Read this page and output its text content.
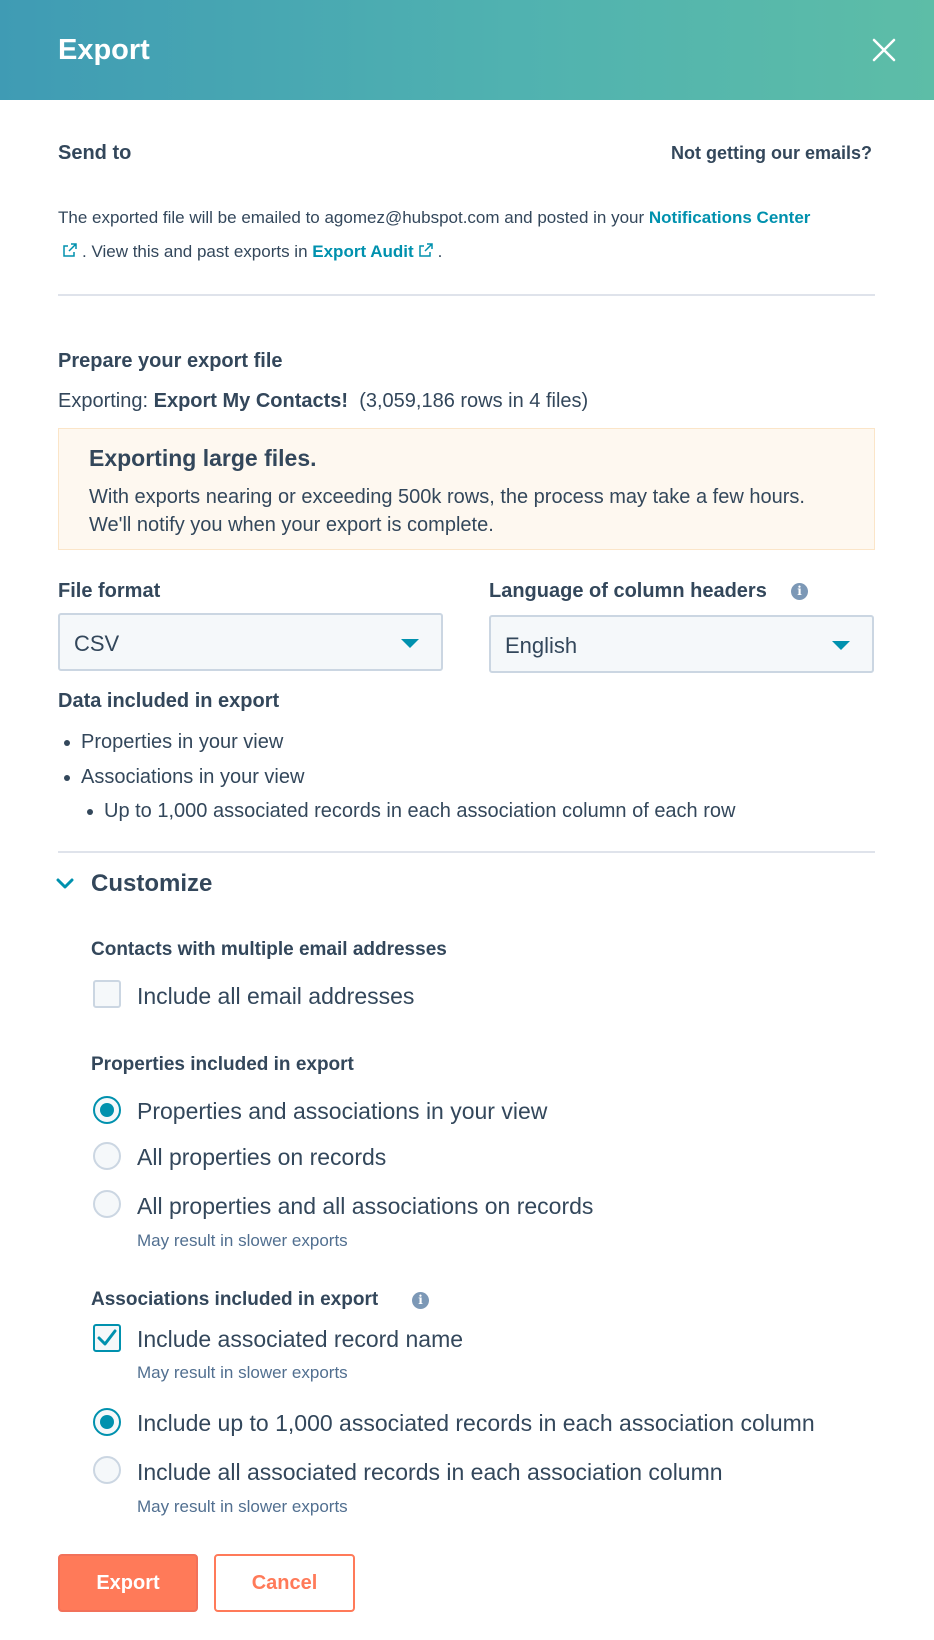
Export
Send to	Not getting our emails?
The exported file will be emailed to agomez@hubspot.com and posted in your Notifications Center
. View this and past exports in Export Audit .
Prepare your export file
Exporting: Export My Contacts! (3,059,186 rows in 4 files)
Exporting large files.
With exports nearing or exceeding 500k rows, the process may take a few hours. We'll notify you when your export is complete.
File format
CSV
Language of column headers	i
English
Data included in export
Properties in your view
Associations in your view
Up to 1,000 associated records in each association column of each row
Customize
Contacts with multiple email addresses
Include all email addresses
Properties included in export
Properties and associations in your view
All properties on records
All properties and all associations on records
May result in slower exports
Associations included in export	i
Include associated record name
May result in slower exports
Include up to 1,000 associated records in each association column
Include all associated records in each association column
May result in slower exports
Export	Cancel
